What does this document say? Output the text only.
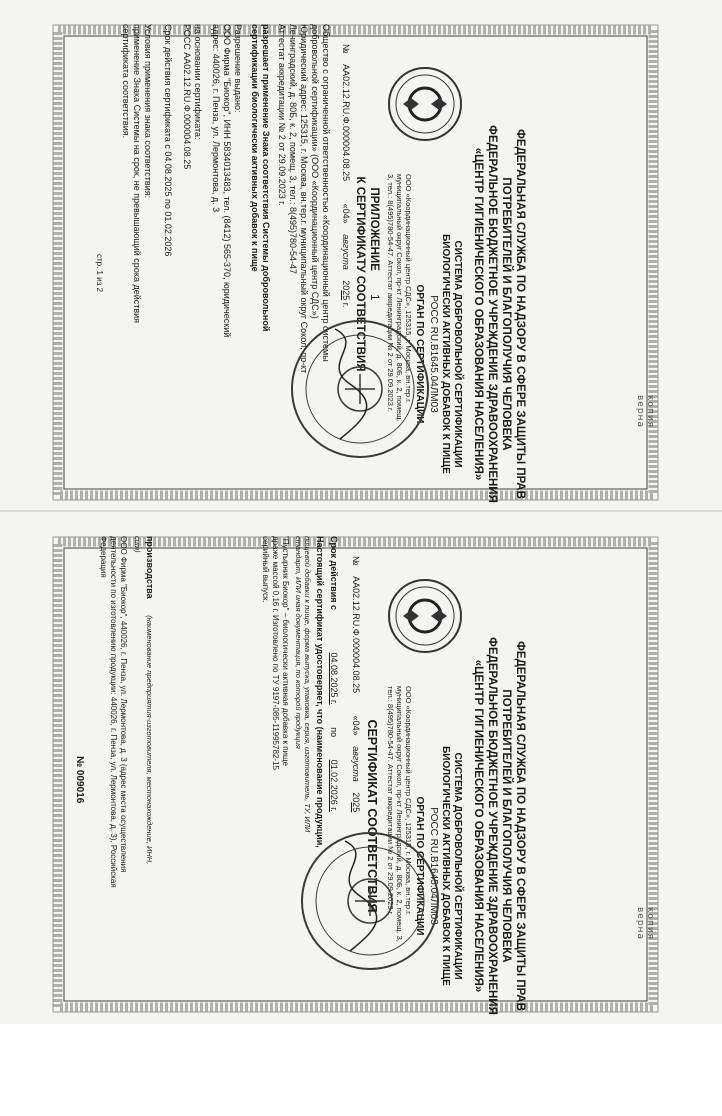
копия верна
ФЕДЕРАЛЬНАЯ СЛУЖБА ПО НАДЗОРУ В СФЕРЕ ЗАЩИТЫ ПРАВ
ПОТРЕБИТЕЛЕЙ И БЛАГОПОЛУЧИЯ ЧЕЛОВЕКА
ФЕДЕРАЛЬНОЕ БЮДЖЕТНОЕ УЧРЕЖДЕНИЕ ЗДРАВООХРАНЕНИЯ
«ЦЕНТР ГИГИЕНИЧЕСКОГО ОБРАЗОВАНИЯ НАСЕЛЕНИЯ»
СИСТЕМА ДОБРОВОЛЬНОЙ СЕРТИФИКАЦИИ
БИОЛОГИЧЕСКИ АКТИВНЫХ ДОБАВОК К ПИЩЕ
РОСС RU.B1645.04ЛМ03
ОРГАН ПО СЕРТИФИКАЦИИ
ООО «Координационный центр СДС», 125315, г. Москва, вн.тер.г.
муниципальный округ Сокол, пр-кт Ленинградский, д. 80Б, к. 2, помещ.
3, тел.: 8(495)780-54-47. Аттестат аккредитации № 2 от 29.09.2023 г.
ПРИЛОЖЕНИЕ 1
К СЕРТИФИКАТУ СООТВЕТСТВИЯ
№ АА02.12.RU.Ф.000004.08.25 «04» августа 2025 г.
Общество с ограниченной ответственностью «Координационный центр системы
добровольной сертификации» (ООО «Координационный центр СДС»)
Юридический адрес: 125315, г. Москва, вн.тер.г. муниципальный округ Сокол, пр-кт
Ленинградский, д. 80Б, к. 2, помещ. 3, тел.: 8(495)780-54-47
Аттестат аккредитации № 2 от 29.09.2023 г.
разрешает применение Знака соответствия Системы добровольной
сертификации биологически активных добавок к пище
Разрешение выдано:
ООО Фирма "Биокор", ИНН 5834013483, тел. (8412) 565-370, юридический
адрес: 440026, г. Пенза, ул. Лермонтова, д. 3
на основании сертификата:
РОСС АА02.12.RU.Ф.000004.08.25
Срок действия сертификата с 04.08.2025 по 01.02.2026
Условия применения знака соответствия:
применение Знака Системы на срок, не превышающий срока действия
сертификата соответствия.
стр. 1 из 2
копия верна
ФЕДЕРАЛЬНАЯ СЛУЖБА ПО НАДЗОРУ В СФЕРЕ ЗАЩИТЫ ПРАВ
ПОТРЕБИТЕЛЕЙ И БЛАГОПОЛУЧИЯ ЧЕЛОВЕКА
ФЕДЕРАЛЬНОЕ БЮДЖЕТНОЕ УЧРЕЖДЕНИЕ ЗДРАВООХРАНЕНИЯ
«ЦЕНТР ГИГИЕНИЧЕСКОГО ОБРАЗОВАНИЯ НАСЕЛЕНИЯ»
СИСТЕМА ДОБРОВОЛЬНОЙ СЕРТИФИКАЦИИ
БИОЛОГИЧЕСКИ АКТИВНЫХ ДОБАВОК К ПИЩЕ
РОСС RU.B1645.04ЛМ03
ОРГАН ПО СЕРТИФИКАЦИИ
ООО «Координационный центр СДС», 125315, г. Москва, вн.тер.г.
муниципальный округ Сокол, пр-кт Ленинградский, д. 80Б, к. 2, помещ. 3,
тел.: 8(495)780-54-47. Аттестат аккредитации № 2 от 29.09.2023 г.
СЕРТИФИКАТ СООТВЕТСТВИЯ
№ АА02.12.RU.Ф.000004.08.25 «04» августа 2025
Срок действия с 04.08.2025 г. по 01.02.2026 г.
Настоящий сертификат удостоверяет, что (наименование продукции,
пищевой добавки к пище, форма выпуска, упаковка, серия, изготовитель, ТУ, ИЛИ
стандарт, ИЛИ иная документация, по которой продукция
"Пустырник Биокор" – биологически активная добавка к пище
драже массой 0,16 г. Изготовлено по ТУ 9197-085-11995782-15
серийный выпуск.
производства (наименование предприятия-изготовителя, местонахождение, ИНН,
сит)
ООО Фирма "Биокор", 440026, г. Пенза, ул. Лермонтова, д. 3 (адрес места осуществления
деятельности по изготовлению продукции: 440026, г. Пенза, ул. Лермонтова, д. 3), Российская
Федерация
№ 009016
